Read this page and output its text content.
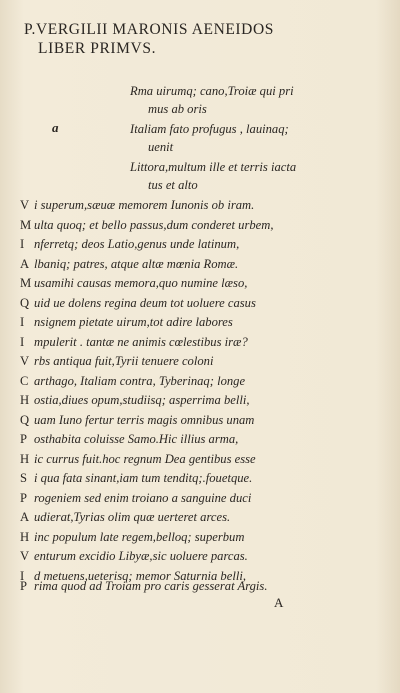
P.VERGILII MARONIS AENEIDOS
LIBER PRIMVS.
Rma uirumq; cano,Troiæ qui pri
mus ab oris
a	Italiam fato profugus , lauinaq;
uenit
Littora,multum ille et terris iacta
tus et alto
V i superum,sæuæ memorem Iunonis ob iram.
M ulta quoq; et bello passus,dum conderet urbem,
I nferretq; deos Latio,genus unde latinum,
A lbaniq; patres, atque altæ mœnia Romæ.
M usamihi causas memora,quo numine læso,
Q uid ue dolens regina deum tot uoluere casus
I nsignem pietate uirum,tot adire labores
I mpulerit . tantæ ne animis cœlestibus iræ?
V rbs antiqua fuit,Tyrii tenuere coloni
C arthago, Italiam contra, Tyberinaq; longe
H ostia,diues opum,studiisq; asperrima belli,
Q uam Iuno fertur terris magis omnibus unam
P osthabita coluisse Samo.Hic illius arma,
H ic currus fuit.hoc regnum Dea gentibus esse
S i qua fata sinant,iam tum tenditq;.fouetque.
P rogeniem sed enim troiano a sanguine duci
A udierat,Tyrias olim quæ uerteret arces.
H inc populum late regem,belloq; superbum
V enturum excidio Libyæ,sic uoluere parcas.
I d metuens,ueterisq; memor Saturnia belli,
P rima quod ad Troiam pro caris gesserat Argis.
A
